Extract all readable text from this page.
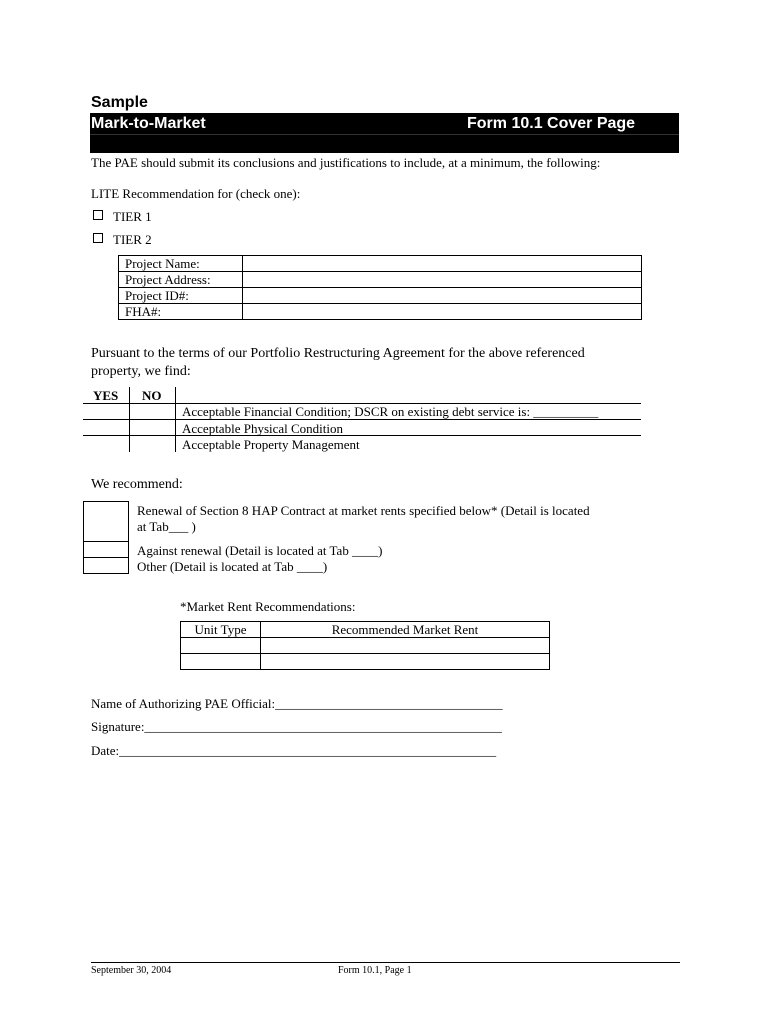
Sample
Mark-to-Market	Form 10.1 Cover Page
The PAE should submit its conclusions and justifications to include, at a minimum, the following:
LITE Recommendation for (check one):
TIER 1
TIER 2
Project Name:	
Project Address:	
Project ID#:	
FHA#:	
Pursuant to the terms of our Portfolio Restructuring Agreement for the above referenced
property, we find:
YES NO
Acceptable Financial Condition; DSCR on existing debt service is: __________
Acceptable Physical Condition
Acceptable Property Management
We recommend:
Renewal of Section 8 HAP Contract at market rents specified below* (Detail is located
at Tab___ )
Against renewal (Detail is located at Tab ____)
Other (Detail is located at Tab ____)
*Market Rent Recommendations:
Unit Type	Recommended Market Rent

Name of Authorizing PAE Official:___________________________________
Signature:_______________________________________________________
Date:__________________________________________________________
September 30, 2004	Form 10.1, Page 1
